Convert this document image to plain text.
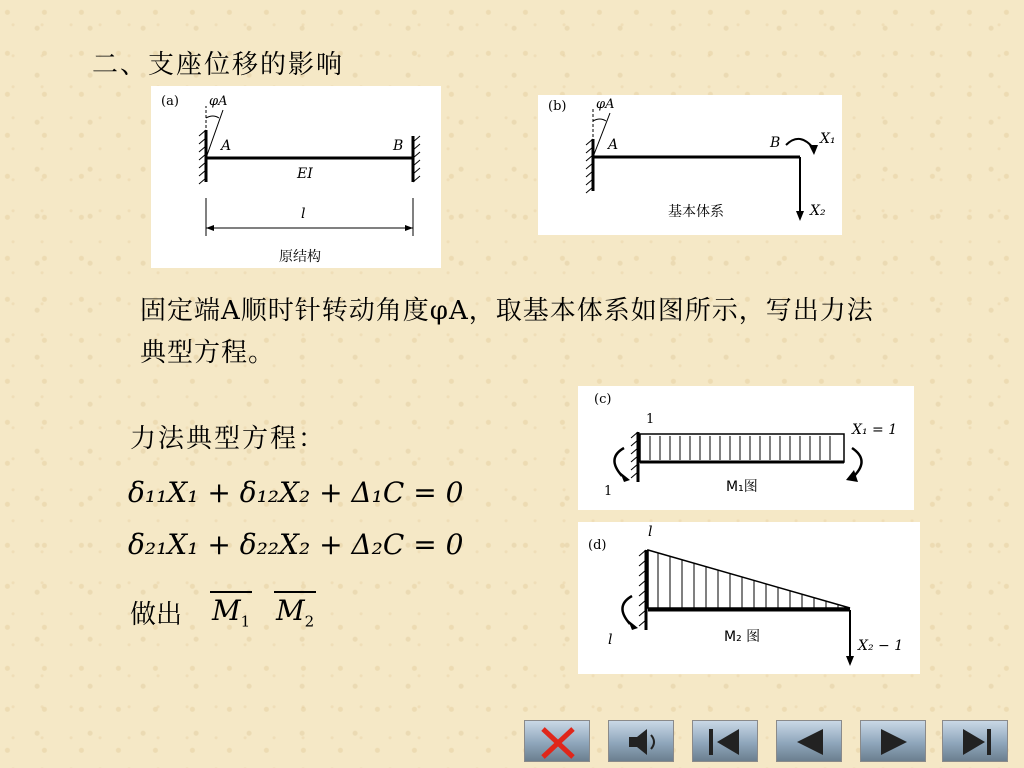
二、支座位移的影响
(a) φA
A	B
EI
l
原结构
(b) φA
A	B	X₁
X₂
基本体系
(c)
1
1
X₁ = 1
M₁图
(d)
l
l	X₂ − 1
M₂ 图
固定端A顺时针转动角度φA，取基本体系如图所示，写出力法典型方程。
力法典型方程：
δ₁₁X₁ + δ₁₂X₂ + Δ₁C = 0
δ₂₁X₁ + δ₂₂X₂ + Δ₂C = 0
做出 $M_1$ $M_2$
